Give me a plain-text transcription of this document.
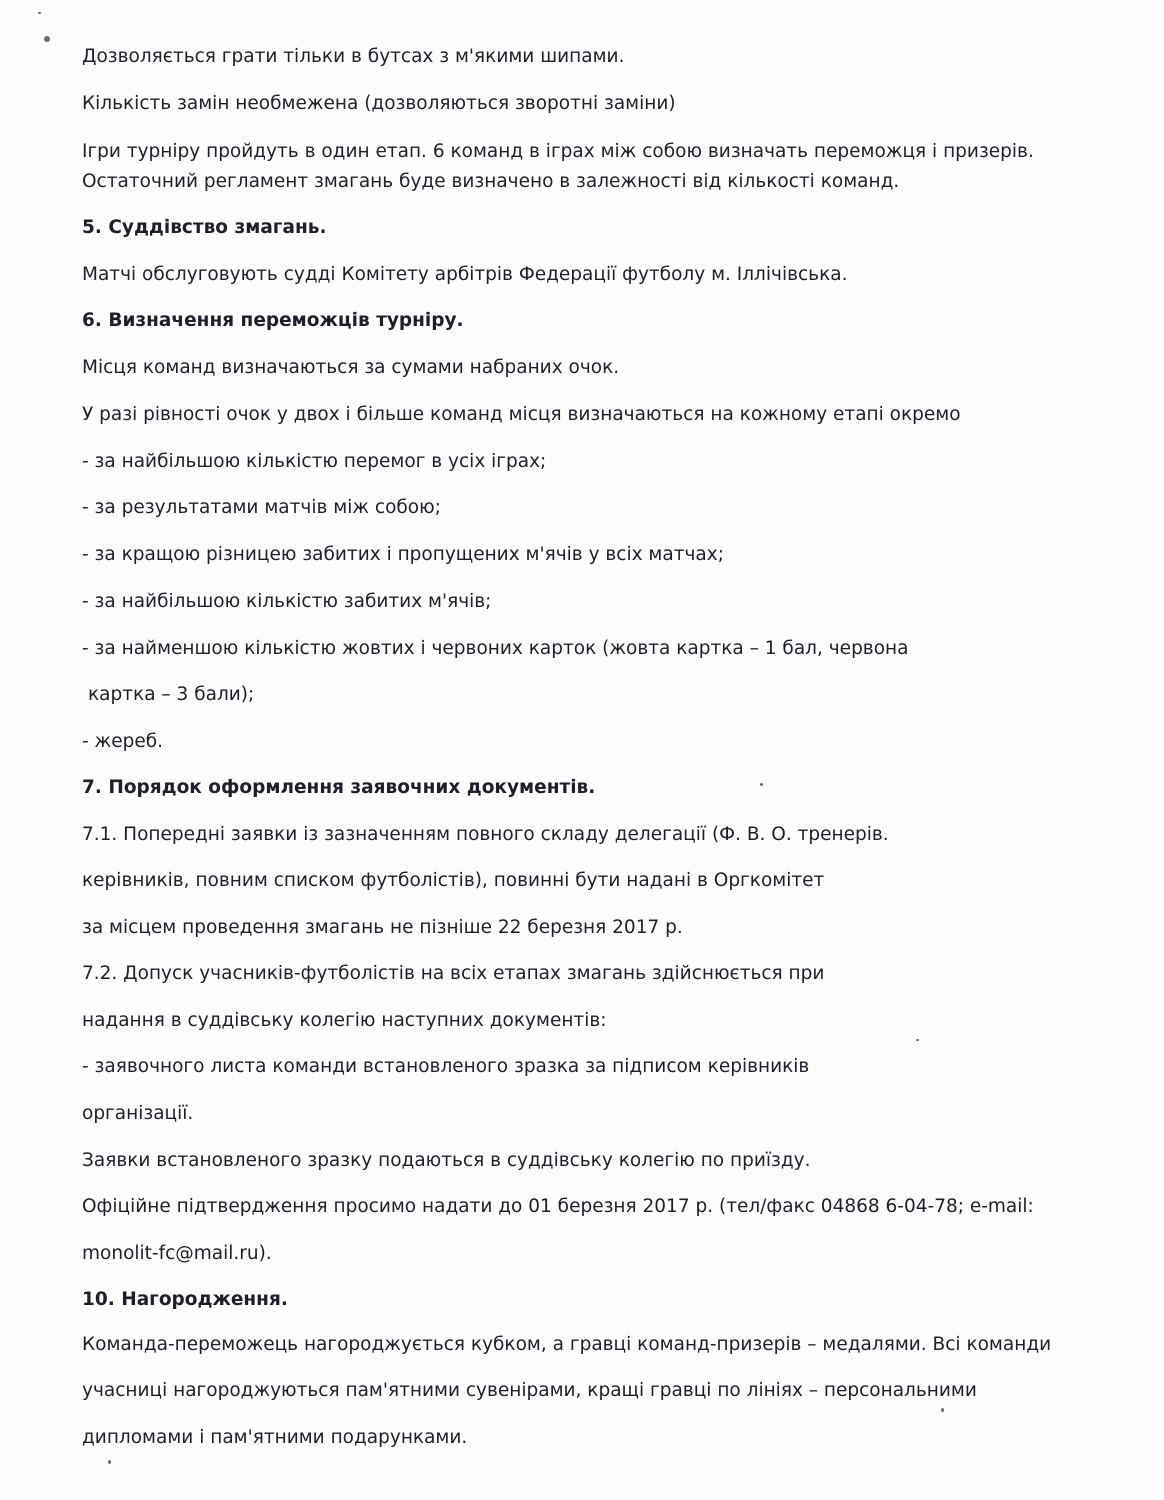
Дозволяється грати тільки в бутсах з м'якими шипами.
Кількість замін необмежена (дозволяються зворотні заміни)
Ігри турніру пройдуть в один етап. 6 команд в іграх між собою визначать переможця і призерів.
Остаточний регламент змагань буде визначено в залежності від кількості команд.
5. Суддівство змагань.
Матчі обслуговують судді Комітету арбітрів Федерації футболу м. Іллічівська.
6. Визначення переможців турніру.
Місця команд визначаються за сумами набраних очок.
У разі рівності очок у двох і більше команд місця визначаються на кожному етапі окремо
- за найбільшою кількістю перемог в усіх іграх;
- за результатами матчів між собою;
- за кращою різницею забитих і пропущених м'ячів у всіх матчах;
- за найбільшою кількістю забитих м'ячів;
- за найменшою кількістю жовтих і червоних карток (жовта картка – 1 бал, червона
картка – 3 бали);
- жереб.
7. Порядок оформлення заявочних документів.
7.1. Попередні заявки із зазначенням повного складу делегації (Ф. В. О. тренерів.
керівників, повним списком футболістів), повинні бути надані в Оргкомітет
за місцем проведення змагань не пізніше 22 березня 2017 р.
7.2. Допуск учасників-футболістів на всіх етапах змагань здійснюється при
надання в суддівську колегію наступних документів:
- заявочного листа команди встановленого зразка за підписом керівників
організації.
Заявки встановленого зразку подаються в суддівську колегію по приїзду.
Офіційне підтвердження просимо надати до 01 березня 2017 р. (тел/факс 04868 6-04-78; e-mail:
monolit-fc@mail.ru).
10. Нагородження.
Команда-переможець нагороджується кубком, а гравці команд-призерів – медалями. Всі команди
учасниці нагороджуються пам'ятними сувенірами, кращі гравці по лініях – персональними
дипломами і пам'ятними подарунками.
